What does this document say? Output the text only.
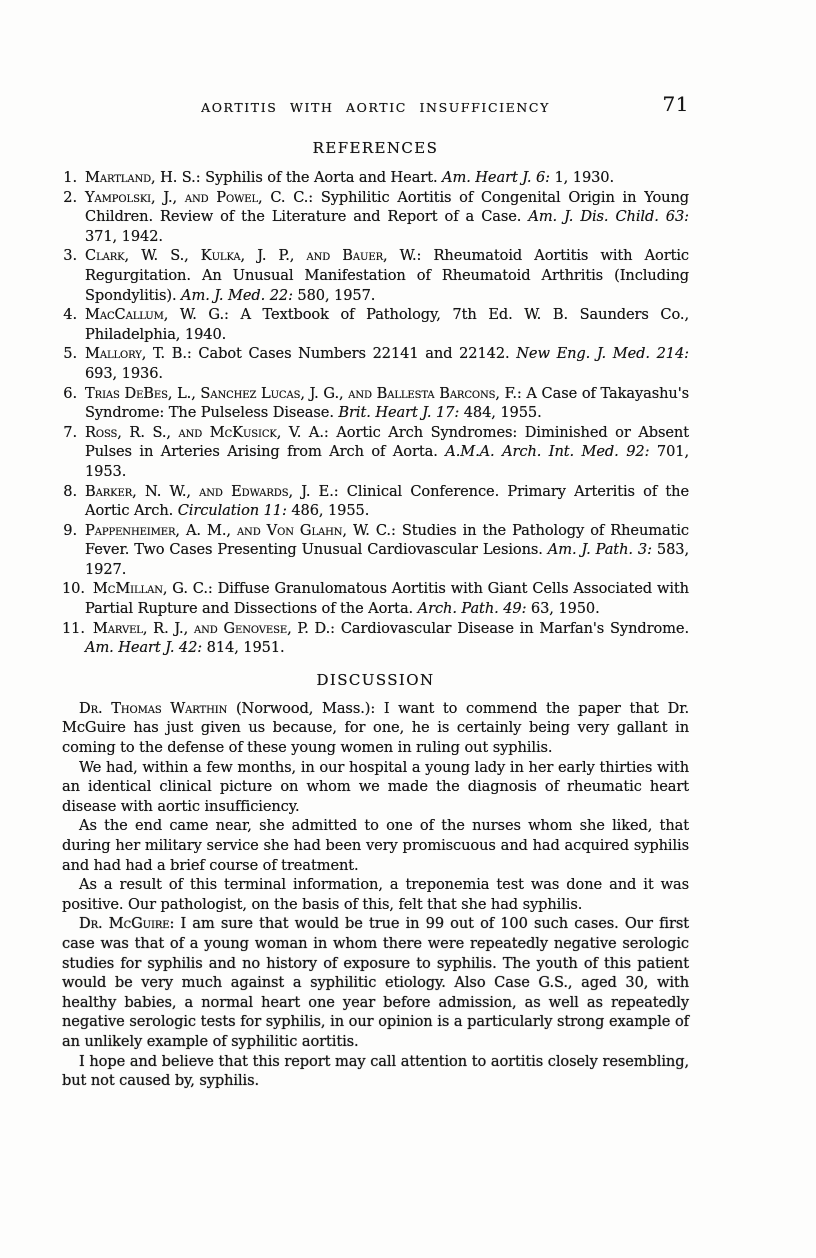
AORTITIS WITH AORTIC INSUFFICIENCY	71
REFERENCES
1. Martland, H. S.: Syphilis of the Aorta and Heart. Am. Heart J. 6: 1, 1930.
2. Yampolski, J., and Powel, C. C.: Syphilitic Aortitis of Congenital Origin in Young Children. Review of the Literature and Report of a Case. Am. J. Dis. Child. 63: 371, 1942.
3. Clark, W. S., Kulka, J. P., and Bauer, W.: Rheumatoid Aortitis with Aortic Regurgitation. An Unusual Manifestation of Rheumatoid Arthritis (Including Spondylitis). Am. J. Med. 22: 580, 1957.
4. MacCallum, W. G.: A Textbook of Pathology, 7th Ed. W. B. Saunders Co., Philadelphia, 1940.
5. Mallory, T. B.: Cabot Cases Numbers 22141 and 22142. New Eng. J. Med. 214: 693, 1936.
6. Trias DeBes, L., Sanchez Lucas, J. G., and Ballesta Barcons, F.: A Case of Takayashu's Syndrome: The Pulseless Disease. Brit. Heart J. 17: 484, 1955.
7. Ross, R. S., and McKusick, V. A.: Aortic Arch Syndromes: Diminished or Absent Pulses in Arteries Arising from Arch of Aorta. A.M.A. Arch. Int. Med. 92: 701, 1953.
8. Barker, N. W., and Edwards, J. E.: Clinical Conference. Primary Arteritis of the Aortic Arch. Circulation 11: 486, 1955.
9. Pappenheimer, A. M., and Von Glahn, W. C.: Studies in the Pathology of Rheumatic Fever. Two Cases Presenting Unusual Cardiovascular Lesions. Am. J. Path. 3: 583, 1927.
10. McMillan, G. C.: Diffuse Granulomatous Aortitis with Giant Cells Associated with Partial Rupture and Dissections of the Aorta. Arch. Path. 49: 63, 1950.
11. Marvel, R. J., and Genovese, P. D.: Cardiovascular Disease in Marfan's Syndrome. Am. Heart J. 42: 814, 1951.
DISCUSSION

Dr. Thomas Warthin (Norwood, Mass.): I want to commend the paper that Dr. McGuire has just given us because, for one, he is certainly being very gallant in coming to the defense of these young women in ruling out syphilis.

We had, within a few months, in our hospital a young lady in her early thirties with an identical clinical picture on whom we made the diagnosis of rheumatic heart disease with aortic insufficiency.

As the end came near, she admitted to one of the nurses whom she liked, that during her military service she had been very promiscuous and had acquired syphilis and had had a brief course of treatment.

As a result of this terminal information, a treponemia test was done and it was positive. Our pathologist, on the basis of this, felt that she had syphilis.

Dr. McGuire: I am sure that would be true in 99 out of 100 such cases. Our first case was that of a young woman in whom there were repeatedly negative serologic studies for syphilis and no history of exposure to syphilis. The youth of this patient would be very much against a syphilitic etiology. Also Case G.S., aged 30, with healthy babies, a normal heart one year before admission, as well as repeatedly negative serologic tests for syphilis, in our opinion is a particularly strong example of an unlikely example of syphilitic aortitis.

I hope and believe that this report may call attention to aortitis closely resembling, but not caused by, syphilis.
